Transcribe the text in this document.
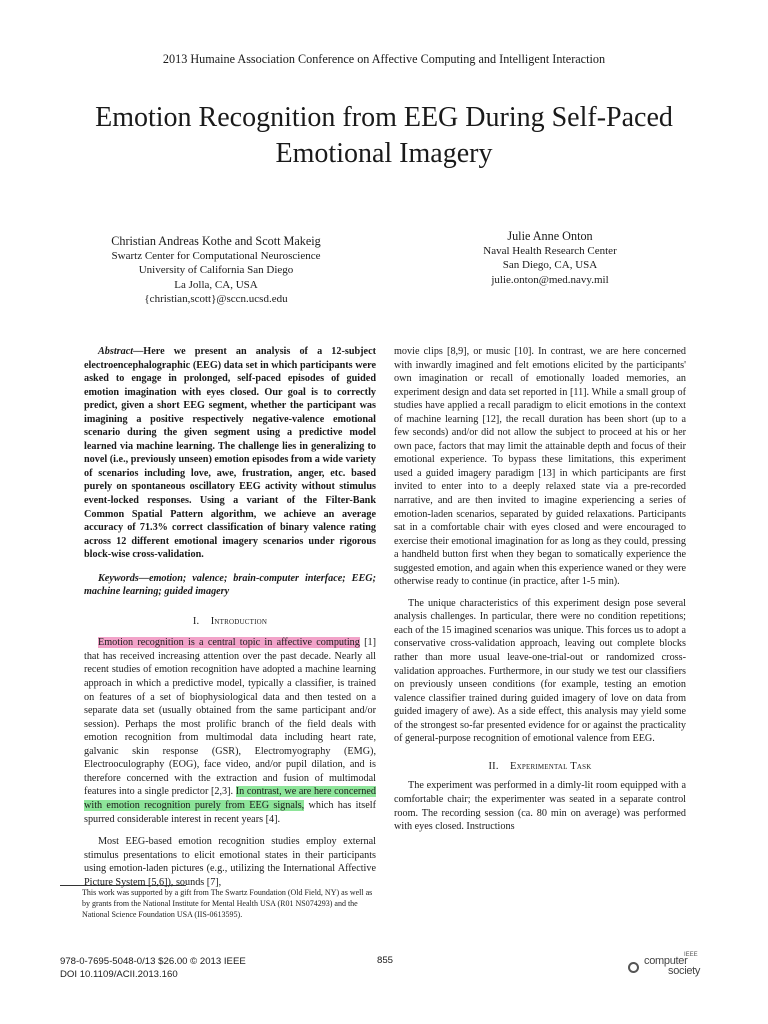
2013 Humaine Association Conference on Affective Computing and Intelligent Interaction
Emotion Recognition from EEG During Self-Paced
Emotional Imagery
Christian Andreas Kothe and Scott Makeig
Swartz Center for Computational Neuroscience
University of California San Diego
La Jolla, CA, USA
{christian,scott}@sccn.ucsd.edu
Julie Anne Onton
Naval Health Research Center
San Diego, CA, USA
julie.onton@med.navy.mil

Abstract—Here we present an analysis of a 12-subject electroencephalographic (EEG) data set in which participants were asked to engage in prolonged, self-paced episodes of guided emotion imagination with eyes closed. Our goal is to correctly predict, given a short EEG segment, whether the participant was imagining a positive respectively negative-valence emotional scenario during the given segment using a predictive model learned via machine learning. The challenge lies in generalizing to novel (i.e., previously unseen) emotion episodes from a wide variety of scenarios including love, awe, frustration, anger, etc. based purely on spontaneous oscillatory EEG activity without stimulus event-locked responses. Using a variant of the Filter-Bank Common Spatial Pattern algorithm, we achieve an average accuracy of 71.3% correct classification of binary valence rating across 12 different emotional imagery scenarios under rigorous block-wise cross-validation.

Keywords—emotion; valence; brain-computer interface; EEG; machine learning; guided imagery

I. Introduction

Emotion recognition is a central topic in affective computing [1] that has received increasing attention over the past decade. Nearly all recent studies of emotion recognition have adopted a machine learning approach in which a predictive model, typically a classifier, is trained on features of a set of biophysiological data and then tested on a separate data set (usually obtained from the same participant and/or session). Perhaps the most prolific branch of the field deals with emotion recognition from multimodal data including heart rate, galvanic skin response (GSR), Electromyography (EMG), Electrooculography (EOG), face video, and/or pupil dilation, and is therefore concerned with the extraction and fusion of multimodal features into a single predictor [2,3]. In contrast, we are here concerned with emotion recognition purely from EEG signals, which has itself spurred considerable interest in recent years [4].

Most EEG-based emotion recognition studies employ external stimulus presentations to elicit emotional states in their participants using emotion-laden pictures (e.g., utilizing the International Affective Picture System [5,6]), sounds [7],

movie clips [8,9], or music [10]. In contrast, we are here concerned with inwardly imagined and felt emotions elicited by the participants' own imagination or recall of emotionally loaded memories, an experiment design and data set reported in [11]. While a small group of studies have applied a recall paradigm to elicit emotions in the context of machine learning [12], the recall duration has been short (up to a few seconds) and/or did not allow the subject to proceed at his or her own pace, factors that may limit the attainable depth and focus of their emotional experience. To bypass these limitations, this experiment used a guided imagery paradigm [13] in which participants are first invited to enter into to a deeply relaxed state via a pre-recorded narrative, and are then invited to imagine experiencing a series of emotion-laden scenarios, separated by guided relaxations. Participants sat in a comfortable chair with eyes closed and were encouraged to exercise their emotional imagination for as long as they could, pressing a handheld button first when they began to somatically experience the suggested emotion, and again when this experience waned or they were otherwise ready to continue (in practice, after 1-5 min).

The unique characteristics of this experiment design pose several analysis challenges. In particular, there were no condition repetitions; each of the 15 imagined scenarios was unique. This forces us to adopt a conservative cross-validation approach, leaving out complete blocks rather than more usual leave-one-trial-out or randomized cross-validation approaches. Furthermore, in our study we test our classifiers on previously unseen conditions (for example, testing an emotion valence classifier trained during guided imagery of love on data from guided imagery of awe). As a side effect, this analysis may yield some of the strongest so-far presented evidence for or against the practicality of general-purpose recognition of emotional valence from EEG.

II. Experimental Task

The experiment was performed in a dimly-lit room equipped with a comfortable chair; the experimenter was seated in a separate control room. The recording session (ca. 80 min on average) was performed with eyes closed. Instructions

This work was supported by a gift from The Swartz Foundation (Old Field, NY) as well as by grants from the National Institute for Mental Health USA (R01 NS074293) and the National Science Foundation USA (IIS-0613595).
978-0-7695-5048-0/13 $26.00 © 2013 IEEE
DOI 10.1109/ACII.2013.160
855	IEEE
computer
society
